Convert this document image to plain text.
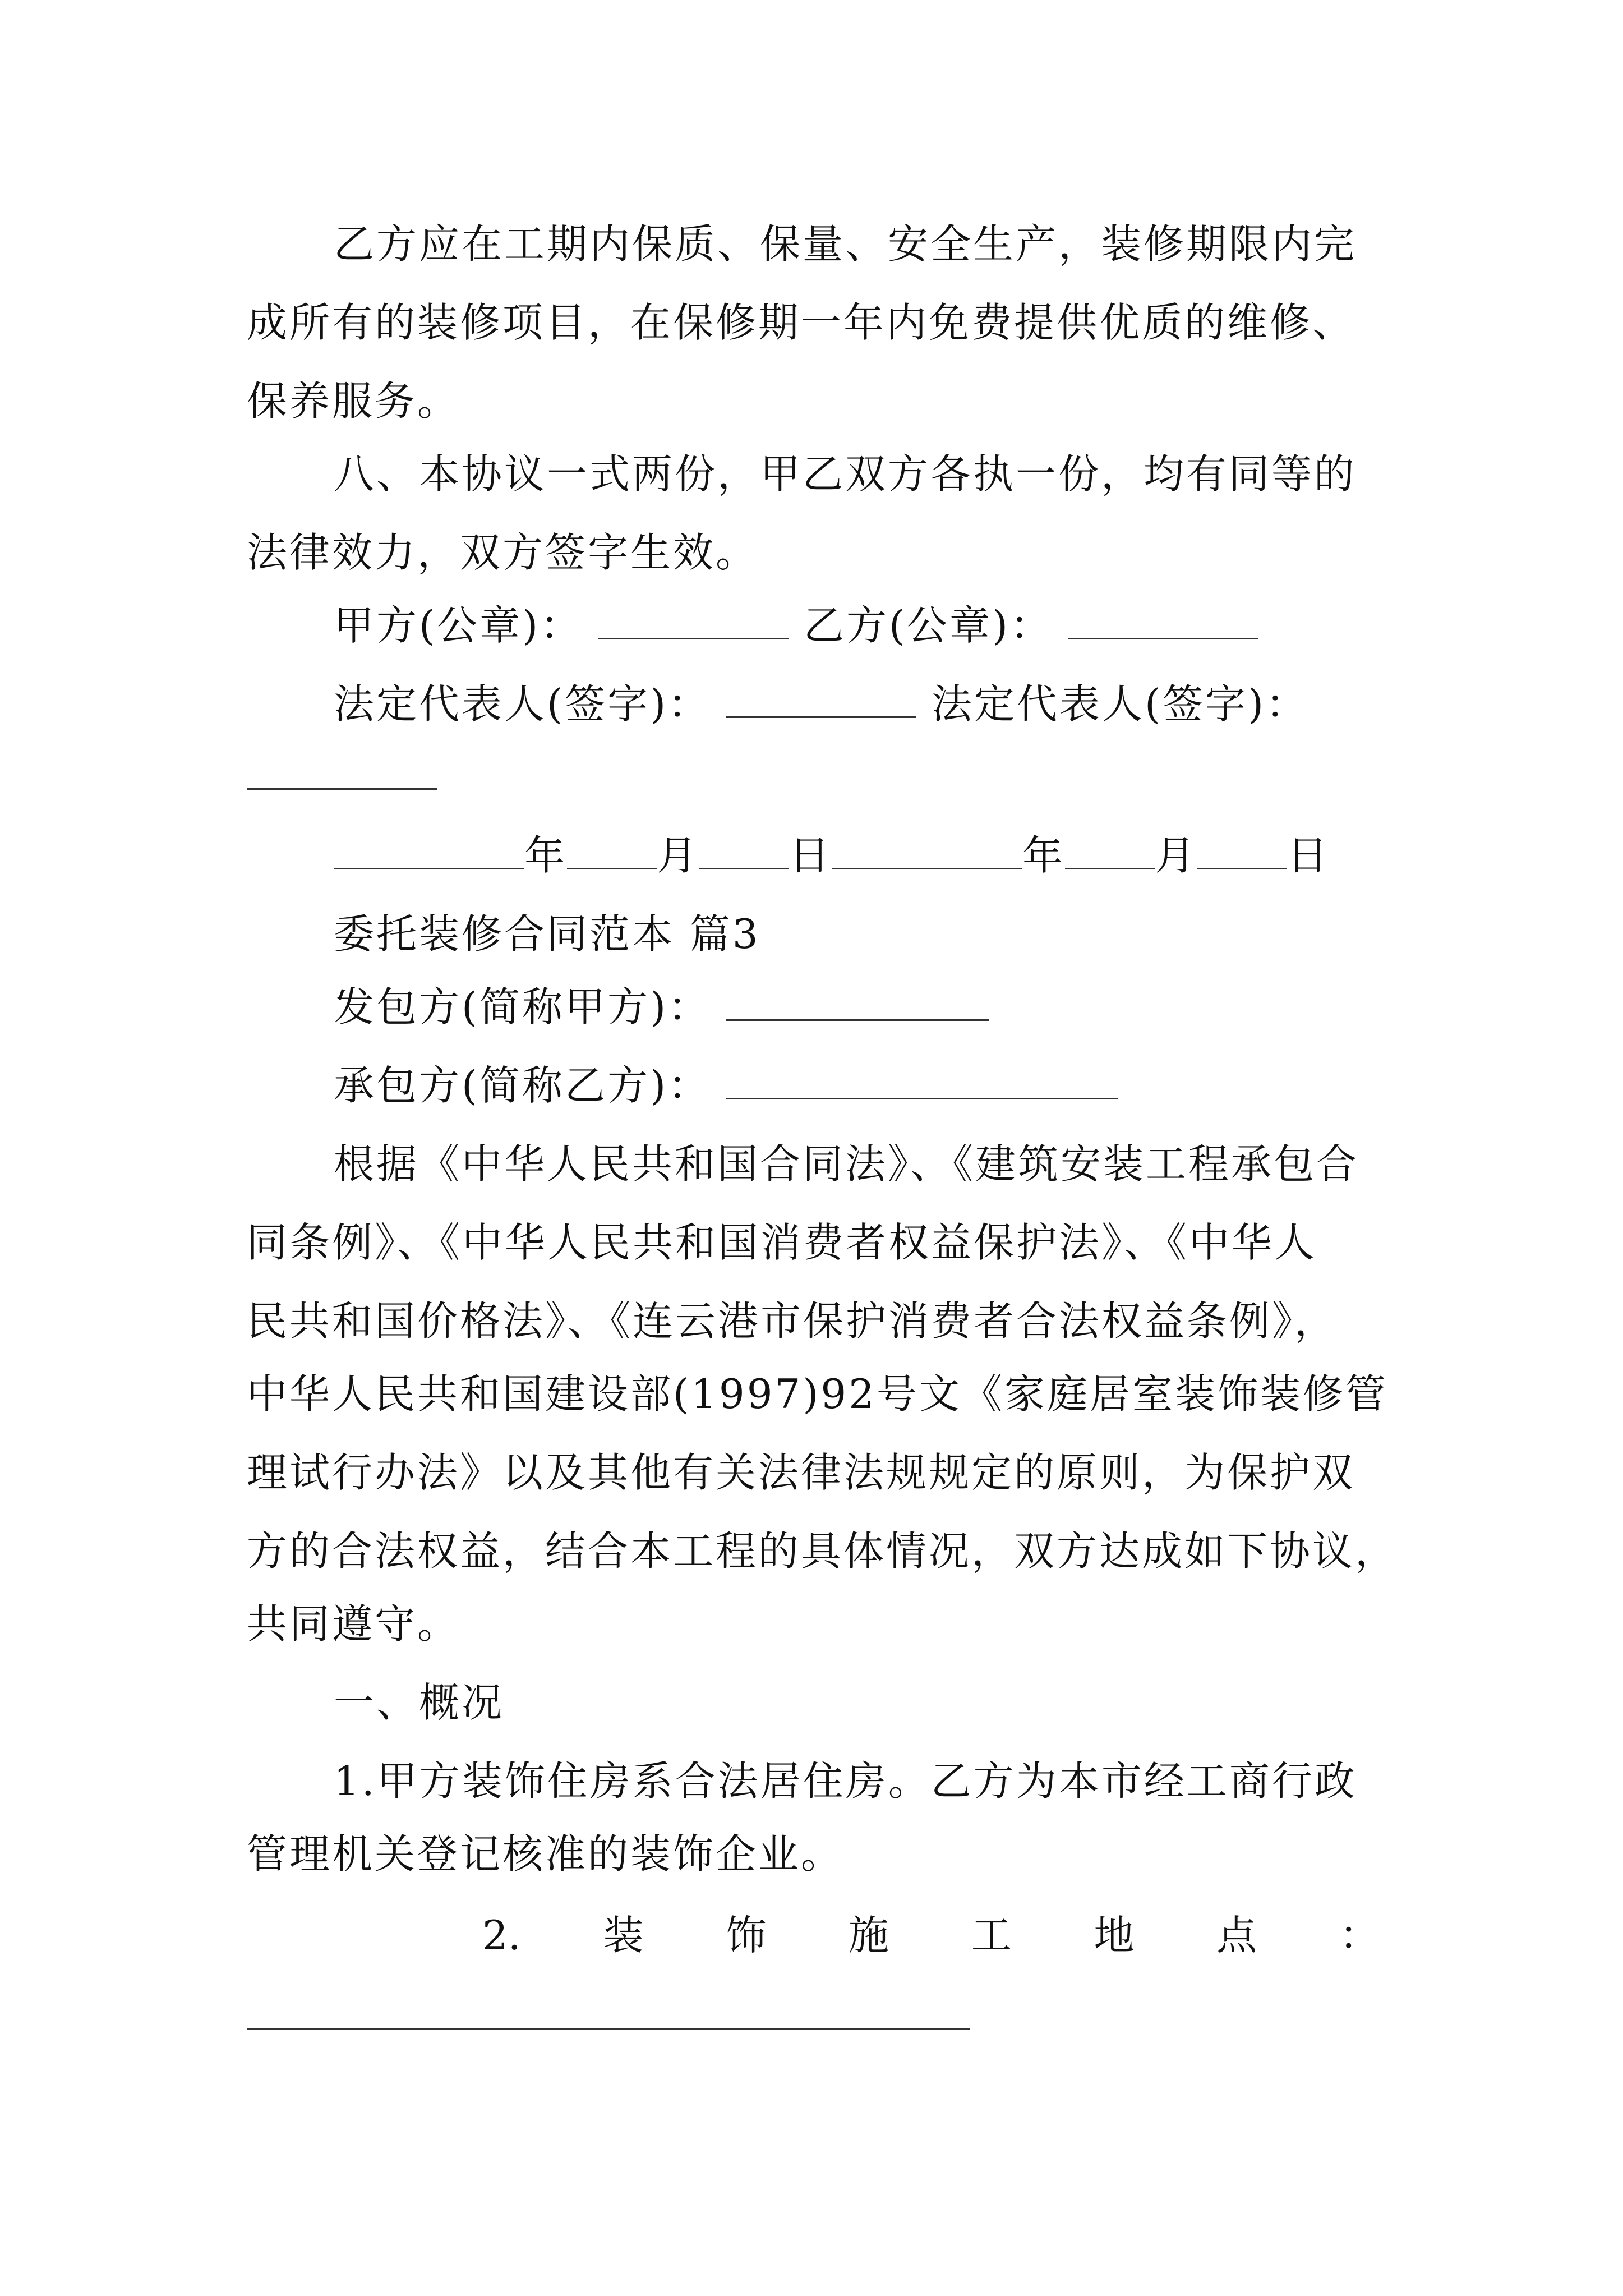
乙方应在工期内保质、保量、安全生产，装修期限内完
成所有的装修项目，在保修期一年内免费提供优质的维修、
保养服务。
八、本协议一式两份，甲乙双方各执一份，均有同等的
法律效力，双方签字生效。
甲方(公章)：	乙方(公章)：
法定代表人(签字)：	法定代表人(签字)：
年 月 日	年 月 日
委托装修合同范本 篇3
发包方(简称甲方)：
承包方(简称乙方)：
根据《中华人民共和国合同法》、《建筑安装工程承包合
同条例》、《中华人民共和国消费者权益保护法》、《中华人
民共和国价格法》、《连云港市保护消费者合法权益条例》，
中华人民共和国建设部(1997)92号文《家庭居室装饰装修管
理试行办法》以及其他有关法律法规规定的原则，为保护双
方的合法权益，结合本工程的具体情况，双方达成如下协议，
共同遵守。
一、概况
1.甲方装饰住房系合法居住房。乙方为本市经工商行政
管理机关登记核准的装饰企业。
2. 装 饰 施 工 地 点 ：
